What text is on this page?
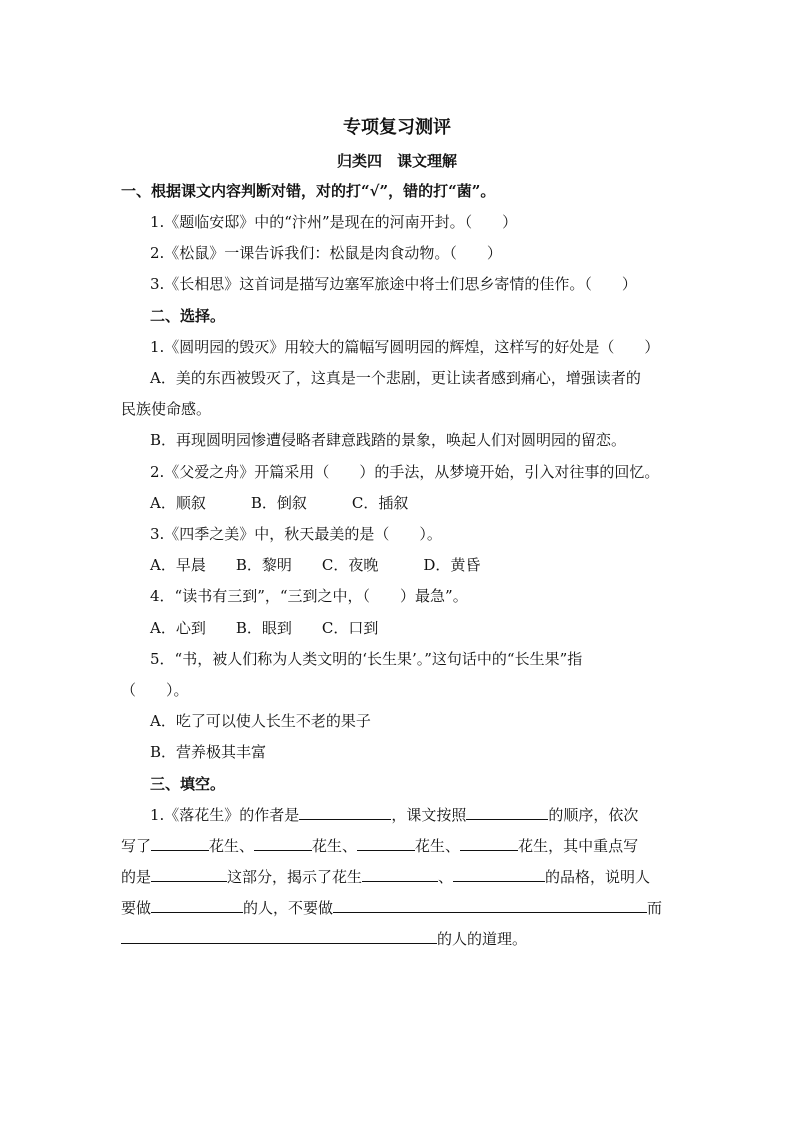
专项复习测评
归类四　课文理解
一、根据课文内容判断对错，对的打“√”，错的打“菌”。
1.《题临安邸》中的“汴州”是现在的河南开封。（　　）
2.《松鼠》一课告诉我们：松鼠是肉食动物。（　　）
3.《长相思》这首词是描写边塞军旅途中将士们思乡寄情的佳作。（　　）
二、选择。
1.《圆明园的毁灭》用较大的篇幅写圆明园的辉煌，这样写的好处是（　　）
A．美的东西被毁灭了，这真是一个悲剧，更让读者感到痛心，增强读者的
民族使命感。
B．再现圆明园惨遭侵略者肆意践踏的景象，唤起人们对圆明园的留恋。
2.《父爱之舟》开篇采用（　　）的手法，从梦境开始，引入对往事的回忆。
A．顺叙　　　B．倒叙　　　C．插叙
3.《四季之美》中，秋天最美的是（　　）。
A．早晨　　B．黎明　　C．夜晚　　　D．黄昏
4．“读书有三到”，“三到之中，（　　）最急”。
A．心到　　B．眼到　　C．口到
5．“书，被人们称为人类文明的‘长生果’。”这句话中的“长生果”指
（　　）。
A．吃了可以使人长生不老的果子
B．营养极其丰富
三、填空。
1.《落花生》的作者是	，课文按照	的顺序，依次
写了	花生、	花生、	花生、	花生，其中重点写
的是	这部分，揭示了花生	、	的品格，说明人
要做	的人，不要做	而
的人的道理。
